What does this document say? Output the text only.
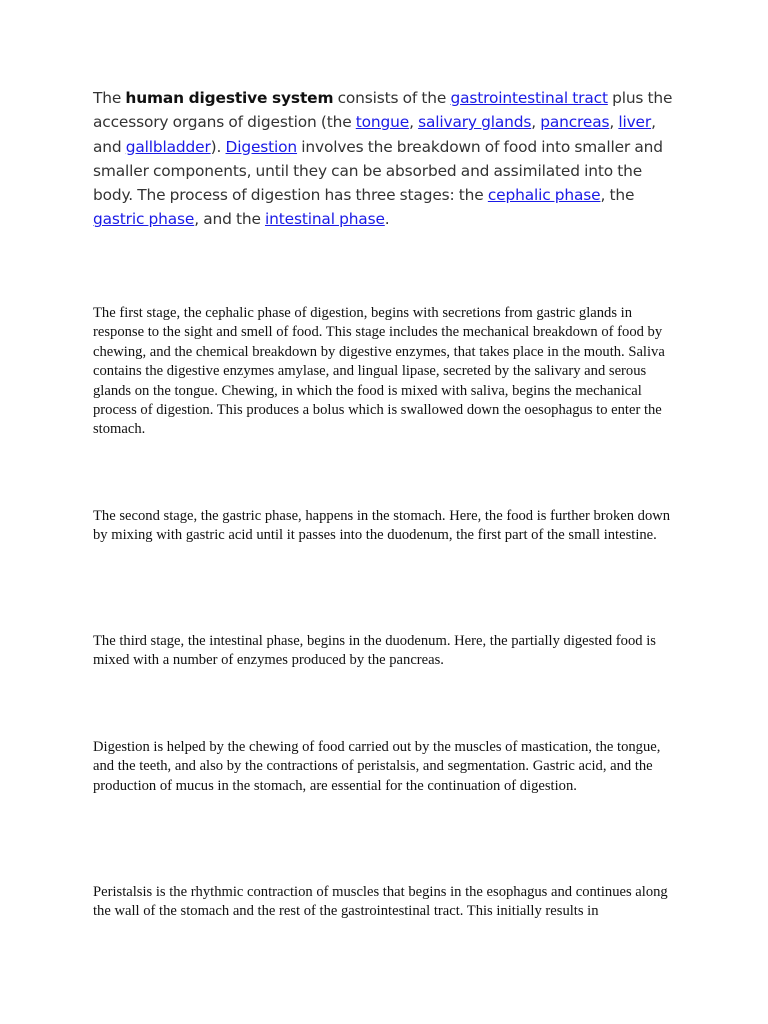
The human digestive system consists of the gastrointestinal tract plus the accessory organs of digestion (the tongue, salivary glands, pancreas, liver, and gallbladder). Digestion involves the breakdown of food into smaller and smaller components, until they can be absorbed and assimilated into the body. The process of digestion has three stages: the cephalic phase, the gastric phase, and the intestinal phase.

The first stage, the cephalic phase of digestion, begins with secretions from gastric glands in response to the sight and smell of food. This stage includes the mechanical breakdown of food by chewing, and the chemical breakdown by digestive enzymes, that takes place in the mouth. Saliva contains the digestive enzymes amylase, and lingual lipase, secreted by the salivary and serous glands on the tongue. Chewing, in which the food is mixed with saliva, begins the mechanical process of digestion. This produces a bolus which is swallowed down the oesophagus to enter the stomach.

The second stage, the gastric phase, happens in the stomach. Here, the food is further broken down by mixing with gastric acid until it passes into the duodenum, the first part of the small intestine.

The third stage, the intestinal phase, begins in the duodenum. Here, the partially digested food is mixed with a number of enzymes produced by the pancreas.

Digestion is helped by the chewing of food carried out by the muscles of mastication, the tongue, and the teeth, and also by the contractions of peristalsis, and segmentation. Gastric acid, and the production of mucus in the stomach, are essential for the continuation of digestion.

Peristalsis is the rhythmic contraction of muscles that begins in the esophagus and continues along the wall of the stomach and the rest of the gastrointestinal tract. This initially results in
